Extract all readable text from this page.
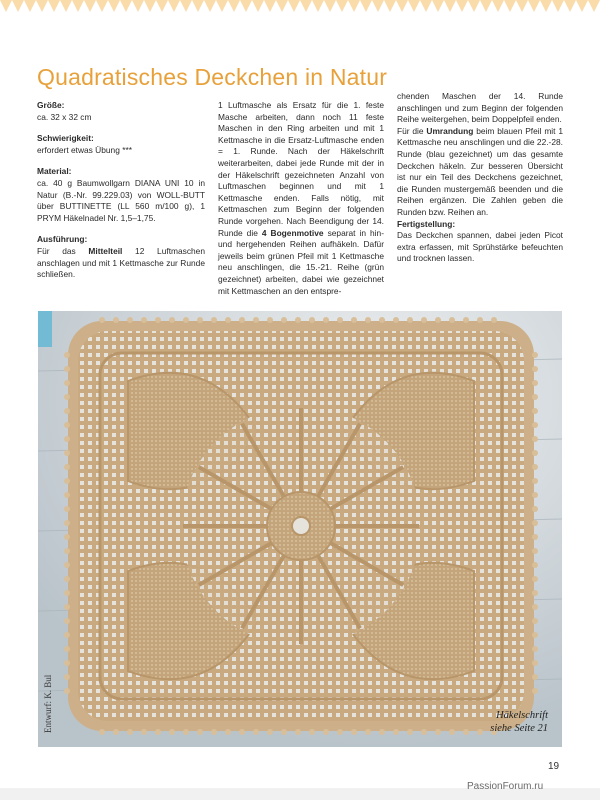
Quadratisches Deckchen in Natur

Größe:

ca. 32 x 32 cm

Schwierigkeit:

erfordert etwas Übung ***

Material:

ca. 40 g Baumwollgarn DIANA UNI 10 in Natur (B.-Nr. 99.229.03) von WOLL-BUTT über BUTTINETTE (LL 560 m/100 g), 1 PRYM Häkelnadel Nr. 1,5–1,75.

Ausführung:

Für das Mittelteil 12 Luftmaschen anschlagen und mit 1 Kettmasche zur Runde schließen.

1 Luftmasche als Ersatz für die 1. feste Masche arbeiten, dann noch 11 feste Maschen in den Ring arbeiten und mit 1 Kettmasche in die Ersatz-Luftmasche enden = 1. Runde. Nach der Häkelschrift weiterarbeiten, dabei jede Runde mit der in der Häkelschrift gezeichneten Anzahl von Luftmaschen beginnen und mit 1 Kettmasche enden. Falls nötig, mit Kettmaschen zum Beginn der folgenden Runde vorgehen. Nach Beendigung der 14. Runde die 4 Bogenmotive separat in hin- und hergehenden Reihen aufhäkeln. Dafür jeweils beim grünen Pfeil mit 1 Kettmasche neu anschlingen, die 15.-21. Reihe (grün gezeichnet) arbeiten, dabei wie gezeichnet mit Kettmaschen an den entspre-

chenden Maschen der 14. Runde anschlingen und zum Beginn der folgenden Reihe weitergehen, beim Doppelpfeil enden.

Für die Umrandung beim blauen Pfeil mit 1 Kettmasche neu anschlingen und die 22.-28. Runde (blau gezeichnet) um das gesamte Deckchen häkeln. Zur besseren Übersicht ist nur ein Teil des Deckchens gezeichnet, die Runden mustergemäß beenden und die Reihen ergänzen. Die Zahlen geben die Runden bzw. Reihen an.

Fertigstellung:

Das Deckchen spannen, dabei jeden Picot extra erfassen, mit Sprühstärke befeuchten und trocknen lassen.

Entwurf: K. Bul	Häkelschrift
siehe Seite 21
19
PassionForum.ru
